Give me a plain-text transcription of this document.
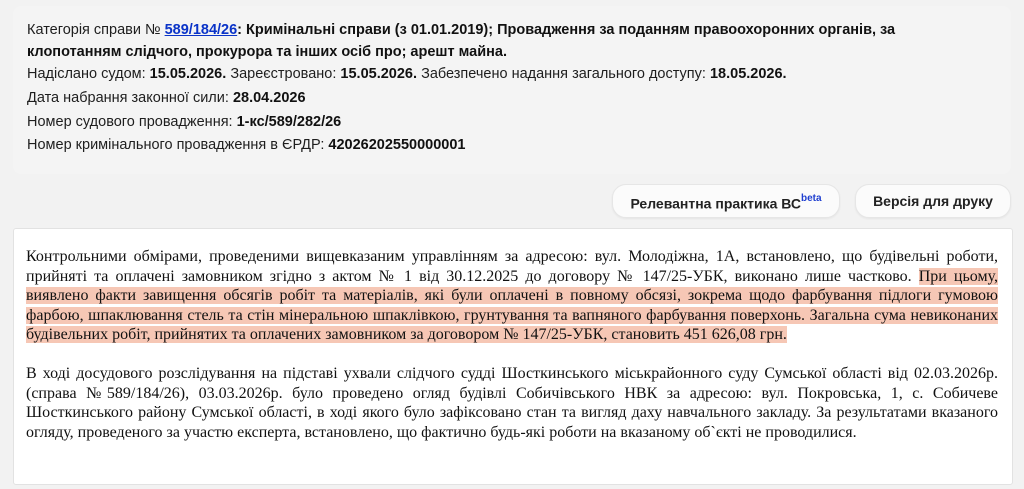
Категорія справи № 589/184/26: Кримінальні справи (з 01.01.2019); Провадження за поданням правоохоронних органів, за
клопотанням слідчого, прокурора та інших осіб про; арешт майна.
Надіслано судом: 15.05.2026. Зареєстровано: 15.05.2026. Забезпечено надання загального доступу: 18.05.2026.
Дата набрання законної сили: 28.04.2026
Номер судового провадження: 1-кс/589/282/26
Номер кримінального провадження в ЄРДР: 42026202550000001
Релевантна практика $ВС^{beta}$	Версія для друку
Контрольними обмірами, проведеними вищевказаним управлінням за адресою: вул. Молодіжна, 1А, встановлено, що будівельні роботи, прийняті та оплачені замовником згідно з актом № 1 від 30.12.2025 до договору № 147/25-УБК, виконано лише частково. При цьому, виявлено факти завищення обсягів робіт та матеріалів, які були оплачені в повному обсязі, зокрема щодо фарбування підлоги гумовою фарбою, шпаклювання стель та стін мінеральною шпаклівкою, грунтування та вапняного фарбування поверхонь. Загальна сума невиконаних будівельних робіт, прийнятих та оплачених замовником за договором № 147/25-УБК, становить 451 626,08 грн.
В ході досудового розслідування на підставі ухвали слідчого судді Шосткинського міськрайонного суду Сумської області від 02.03.2026р. (справа №589/184/26), 03.03.2026р. було проведено огляд будівлі Собичівського НВК за адресою: вул. Покровська, 1, с. Собичеве Шосткинського району Сумської області, в ході якого було зафіксовано стан та вигляд даху навчального закладу. За результатами вказаного огляду, проведеного за участю експерта, встановлено, що фактично будь-які роботи на вказаному об`єкті не проводилися.
